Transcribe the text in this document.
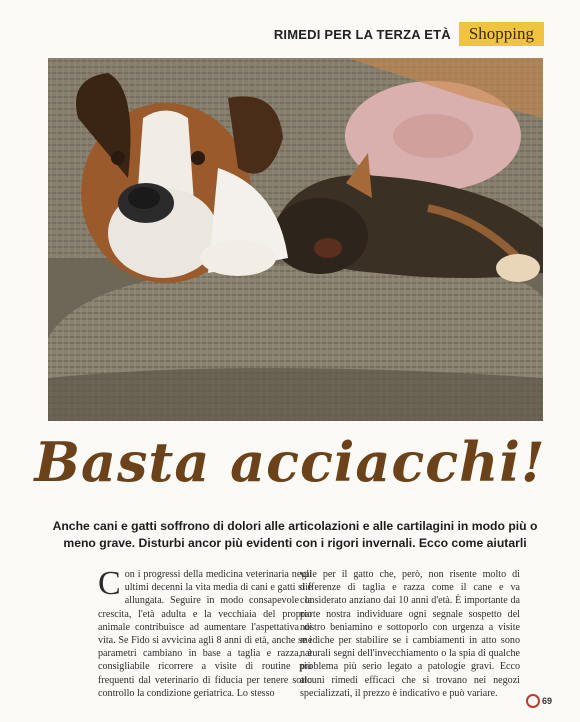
RIMEDI PER LA TERZA ETÀ	Shopping
Basta acciacchi!
Anche cani e gatti soffrono di dolori alle articolazioni e alle cartilagini in modo più o meno grave. Disturbi ancor più evidenti con i rigori invernali. Ecco come aiutarli
C on i progressi della medicina veterinaria negli ultimi decenni la vita media di cani e gatti si è allungata. Seguire in modo consapevole la crescita, l'età adulta e la vecchiaia del proprio animale contribuisce ad aumentare l'aspettativa di vita. Se Fido si avvicina agli 8 anni di età, anche se i parametri cambiano in base a taglia e razza, è consigliabile ricorrere a visite di routine più frequenti dal veterinario di fiducia per tenere sotto controllo la condizione geriatrica. Lo stesso
vale per il gatto che, però, non risente molto di differenze di taglia e razza come il cane e va considerato anziano dai 10 anni d'età. È importante da parte nostra individuare ogni segnale sospetto del nostro beniamino e sottoporlo con urgenza a visite mediche per stabilire se i cambiamenti in atto sono naturali segni dell'invecchiamento o la spia di qualche problema più serio legato a patologie gravi. Ecco alcuni rimedi efficaci che si trovano nei negozi specializzati, il prezzo è indicativo e può variare.
69
